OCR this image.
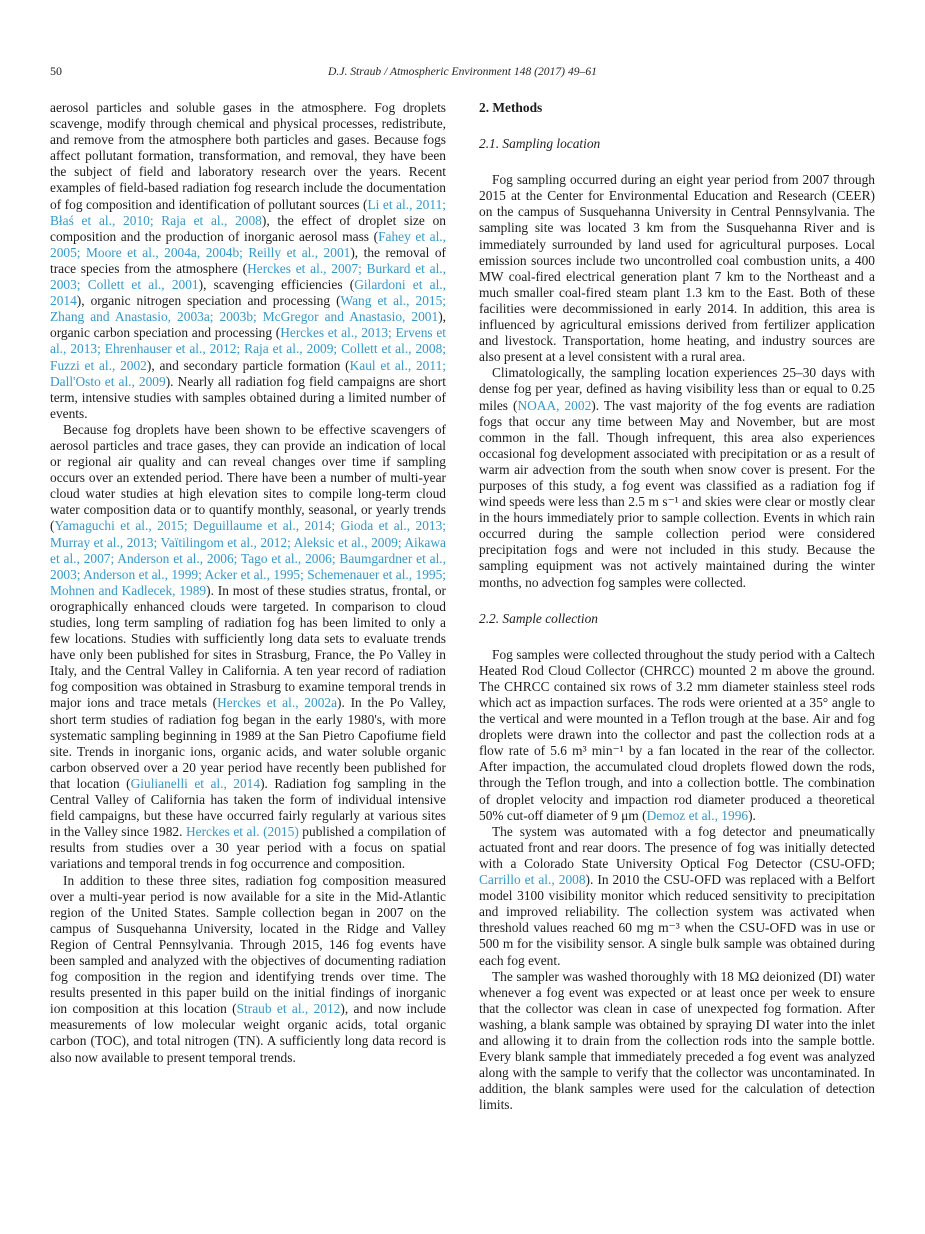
50	D.J. Straub / Atmospheric Environment 148 (2017) 49–61

aerosol particles and soluble gases in the atmosphere. Fog droplets scavenge, modify through chemical and physical processes, redistribute, and remove from the atmosphere both particles and gases. Because fogs affect pollutant formation, transformation, and removal, they have been the subject of field and laboratory research over the years. Recent examples of field-based radiation fog research include the documentation of fog composition and identification of pollutant sources (Li et al., 2011; Błaś et al., 2010; Raja et al., 2008), the effect of droplet size on composition and the production of inorganic aerosol mass (Fahey et al., 2005; Moore et al., 2004a, 2004b; Reilly et al., 2001), the removal of trace species from the atmosphere (Herckes et al., 2007; Burkard et al., 2003; Collett et al., 2001), scavenging efficiencies (Gilardoni et al., 2014), organic nitrogen speciation and processing (Wang et al., 2015; Zhang and Anastasio, 2003a; 2003b; McGregor and Anastasio, 2001), organic carbon speciation and processing (Herckes et al., 2013; Ervens et al., 2013; Ehrenhauser et al., 2012; Raja et al., 2009; Collett et al., 2008; Fuzzi et al., 2002), and secondary particle formation (Kaul et al., 2011; Dall'Osto et al., 2009). Nearly all radiation fog field campaigns are short term, intensive studies with samples obtained during a limited number of events.

Because fog droplets have been shown to be effective scavengers of aerosol particles and trace gases, they can provide an indication of local or regional air quality and can reveal changes over time if sampling occurs over an extended period. There have been a number of multi-year cloud water studies at high elevation sites to compile long-term cloud water composition data or to quantify monthly, seasonal, or yearly trends (Yamaguchi et al., 2015; Deguillaume et al., 2014; Gioda et al., 2013; Murray et al., 2013; Vaïtilingom et al., 2012; Aleksic et al., 2009; Aikawa et al., 2007; Anderson et al., 2006; Tago et al., 2006; Baumgardner et al., 2003; Anderson et al., 1999; Acker et al., 1995; Schemenauer et al., 1995; Mohnen and Kadlecek, 1989). In most of these studies stratus, frontal, or orographically enhanced clouds were targeted. In comparison to cloud studies, long term sampling of radiation fog has been limited to only a few locations. Studies with sufficiently long data sets to evaluate trends have only been published for sites in Strasburg, France, the Po Valley in Italy, and the Central Valley in California. A ten year record of radiation fog composition was obtained in Strasburg to examine temporal trends in major ions and trace metals (Herckes et al., 2002a). In the Po Valley, short term studies of radiation fog began in the early 1980's, with more systematic sampling beginning in 1989 at the San Pietro Capofiume field site. Trends in inorganic ions, organic acids, and water soluble organic carbon observed over a 20 year period have recently been published for that location (Giulianelli et al., 2014). Radiation fog sampling in the Central Valley of California has taken the form of individual intensive field campaigns, but these have occurred fairly regularly at various sites in the Valley since 1982. Herckes et al. (2015) published a compilation of results from studies over a 30 year period with a focus on spatial variations and temporal trends in fog occurrence and composition.

In addition to these three sites, radiation fog composition measured over a multi-year period is now available for a site in the Mid-Atlantic region of the United States. Sample collection began in 2007 on the campus of Susquehanna University, located in the Ridge and Valley Region of Central Pennsylvania. Through 2015, 146 fog events have been sampled and analyzed with the objectives of documenting radiation fog composition in the region and identifying trends over time. The results presented in this paper build on the initial findings of inorganic ion composition at this location (Straub et al., 2012), and now include measurements of low molecular weight organic acids, total organic carbon (TOC), and total nitrogen (TN). A sufficiently long data record is also now available to present temporal trends.

2. Methods
2.1. Sampling location

Fog sampling occurred during an eight year period from 2007 through 2015 at the Center for Environmental Education and Research (CEER) on the campus of Susquehanna University in Central Pennsylvania. The sampling site was located 3 km from the Susquehanna River and is immediately surrounded by land used for agricultural purposes. Local emission sources include two uncontrolled coal combustion units, a 400 MW coal-fired electrical generation plant 7 km to the Northeast and a much smaller coal-fired steam plant 1.3 km to the East. Both of these facilities were decommissioned in early 2014. In addition, this area is influenced by agricultural emissions derived from fertilizer application and livestock. Transportation, home heating, and industry sources are also present at a level consistent with a rural area.

Climatologically, the sampling location experiences 25–30 days with dense fog per year, defined as having visibility less than or equal to 0.25 miles (NOAA, 2002). The vast majority of the fog events are radiation fogs that occur any time between May and November, but are most common in the fall. Though infrequent, this area also experiences occasional fog development associated with precipitation or as a result of warm air advection from the south when snow cover is present. For the purposes of this study, a fog event was classified as a radiation fog if wind speeds were less than 2.5 m s⁻¹ and skies were clear or mostly clear in the hours immediately prior to sample collection. Events in which rain occurred during the sample collection period were considered precipitation fogs and were not included in this study. Because the sampling equipment was not actively maintained during the winter months, no advection fog samples were collected.

2.2. Sample collection

Fog samples were collected throughout the study period with a Caltech Heated Rod Cloud Collector (CHRCC) mounted 2 m above the ground. The CHRCC contained six rows of 3.2 mm diameter stainless steel rods which act as impaction surfaces. The rods were oriented at a 35° angle to the vertical and were mounted in a Teflon trough at the base. Air and fog droplets were drawn into the collector and past the collection rods at a flow rate of 5.6 m³ min⁻¹ by a fan located in the rear of the collector. After impaction, the accumulated cloud droplets flowed down the rods, through the Teflon trough, and into a collection bottle. The combination of droplet velocity and impaction rod diameter produced a theoretical 50% cut-off diameter of 9 μm (Demoz et al., 1996).

The system was automated with a fog detector and pneumatically actuated front and rear doors. The presence of fog was initially detected with a Colorado State University Optical Fog Detector (CSU-OFD; Carrillo et al., 2008). In 2010 the CSU-OFD was replaced with a Belfort model 3100 visibility monitor which reduced sensitivity to precipitation and improved reliability. The collection system was activated when threshold values reached 60 mg m⁻³ when the CSU-OFD was in use or 500 m for the visibility sensor. A single bulk sample was obtained during each fog event.

The sampler was washed thoroughly with 18 MΩ deionized (DI) water whenever a fog event was expected or at least once per week to ensure that the collector was clean in case of unexpected fog formation. After washing, a blank sample was obtained by spraying DI water into the inlet and allowing it to drain from the collection rods into the sample bottle. Every blank sample that immediately preceded a fog event was analyzed along with the sample to verify that the collector was uncontaminated. In addition, the blank samples were used for the calculation of detection limits.
